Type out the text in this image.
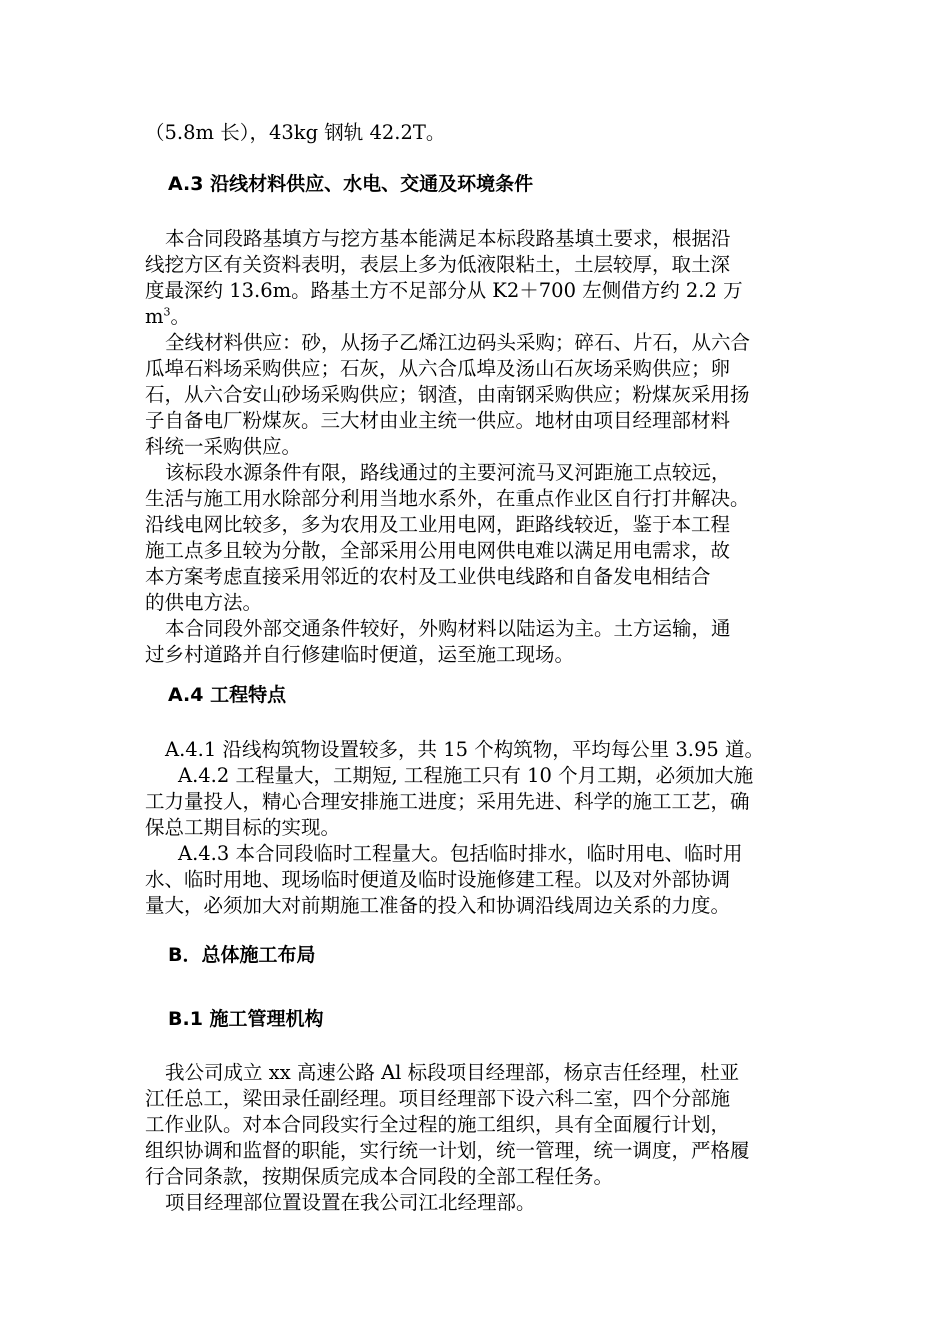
（5.8m 长），43kg 钢轨 42.2T。
A.3 沿线材料供应、水电、交通及环境条件
本合同段路基填方与挖方基本能满足本标段路基填土要求，根据沿
线挖方区有关资料表明，表层上多为低液限粘土，土层较厚，取土深
度最深约 13.6m。路基土方不足部分从 K2＋700 左侧借方约 2.2 万
$m^3$。
全线材料供应：砂，从扬子乙烯江边码头采购；碎石、片石，从六合
瓜埠石料场采购供应；石灰，从六合瓜埠及汤山石灰场采购供应；卵
石，从六合安山砂场采购供应；钢渣，由南钢采购供应；粉煤灰采用扬
子自备电厂粉煤灰。三大材由业主统一供应。地材由项目经理部材料
科统一采购供应。
该标段水源条件有限，路线通过的主要河流马叉河距施工点较远，
生活与施工用水除部分利用当地水系外，在重点作业区自行打井解决。
沿线电网比较多，多为农用及工业用电网，距路线较近，鉴于本工程
施工点多且较为分散，全部采用公用电网供电难以满足用电需求，故
本方案考虑直接采用邻近的农村及工业供电线路和自备发电相结合
的供电方法。
本合同段外部交通条件较好，外购材料以陆运为主。土方运输，通
过乡村道路并自行修建临时便道，运至施工现场。
A.4 工程特点
A.4.1 沿线构筑物设置较多，共 15 个构筑物，平均每公里 3.95 道。
A.4.2 工程量大，工期短, 工程施工只有 10 个月工期，必须加大施
工力量投人，精心合理安排施工进度；采用先进、科学的施工工艺，确
保总工期目标的实现。
A.4.3 本合同段临时工程量大。包括临时排水，临时用电、临时用
水、临时用地、现场临时便道及临时设施修建工程。以及对外部协调
量大，必须加大对前期施工准备的投入和协调沿线周边关系的力度。
B．总体施工布局
B.1 施工管理机构
我公司成立 xx 高速公路 Al 标段项目经理部，杨京吉任经理，杜亚
江任总工，梁田录任副经理。项目经理部下设六科二室，四个分部施
工作业队。对本合同段实行全过程的施工组织，具有全面履行计划，
组织协调和监督的职能，实行统一计划，统一管理，统一调度，严格履
行合同条款，按期保质完成本合同段的全部工程任务。
项目经理部位置设置在我公司江北经理部。
